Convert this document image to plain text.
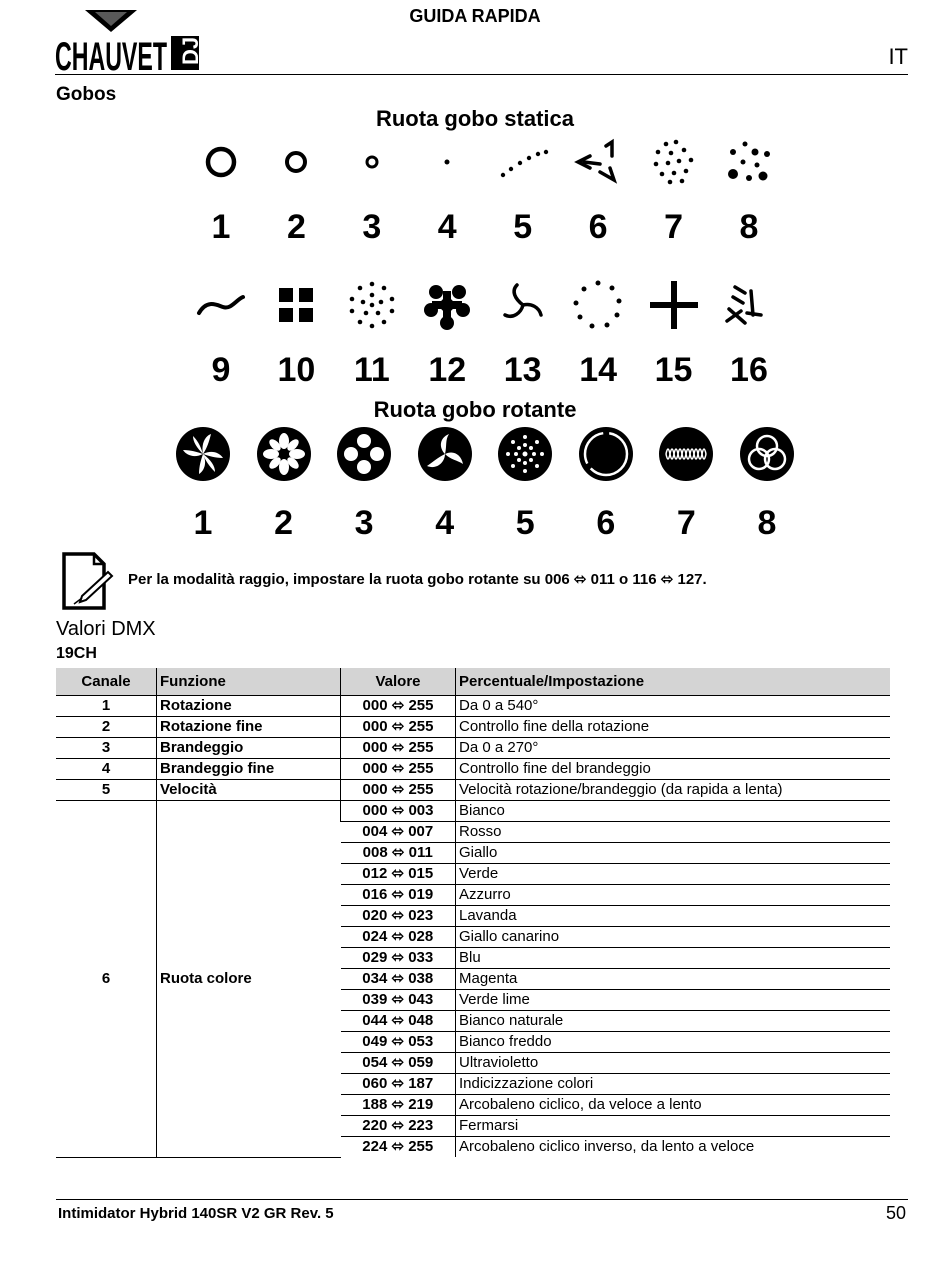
CHAUVET DJ
GUIDA RAPIDA
IT
Gobos
Ruota gobo statica
1	2	3	4	5	6	7	8
9	10	11	12	13	14	15	16
Ruota gobo rotante
1	2	3	4	5	6	7	8
Per la modalità raggio, impostare la ruota gobo rotante su 006 ⬄ 011 o 116 ⬄ 127.
Valori DMX
19CH
Canale	Funzione	Valore	Percentuale/Impostazione
1	Rotazione	000 ⬄ 255	Da 0 a 540°
2	Rotazione fine	000 ⬄ 255	Controllo fine della rotazione
3	Brandeggio	000 ⬄ 255	Da 0 a 270°
4	Brandeggio fine	000 ⬄ 255	Controllo fine del brandeggio
5	Velocità	000 ⬄ 255	Velocità rotazione/brandeggio (da rapida a lenta)
6	Ruota colore	000 ⬄ 003	Bianco
		004 ⬄ 007	Rosso
		008 ⬄ 011	Giallo
		012 ⬄ 015	Verde
		016 ⬄ 019	Azzurro
		020 ⬄ 023	Lavanda
		024 ⬄ 028	Giallo canarino
		029 ⬄ 033	Blu
		034 ⬄ 038	Magenta
		039 ⬄ 043	Verde lime
		044 ⬄ 048	Bianco naturale
		049 ⬄ 053	Bianco freddo
		054 ⬄ 059	Ultravioletto
		060 ⬄ 187	Indicizzazione colori
		188 ⬄ 219	Arcobaleno ciclico, da veloce a lento
		220 ⬄ 223	Fermarsi
		224 ⬄ 255	Arcobaleno ciclico inverso, da lento a veloce
Intimidator Hybrid 140SR V2 GR Rev. 5	50
